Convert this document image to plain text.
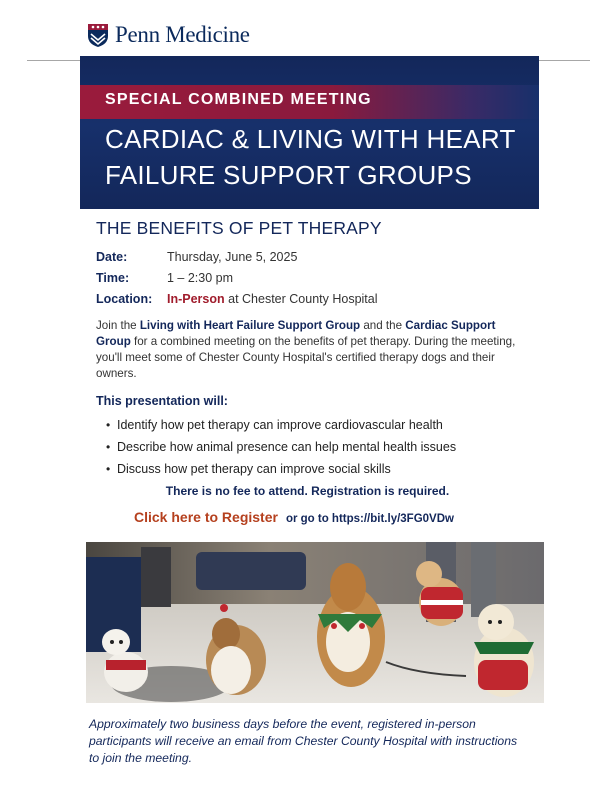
Penn Medicine
SPECIAL COMBINED MEETING
CARDIAC & LIVING WITH HEART
FAILURE SUPPORT GROUPS
THE BENEFITS OF PET THERAPY
Date:	Thursday, June 5, 2025
Time:	1 – 2:30 pm
Location:	In-Person at Chester County Hospital
Join the Living with Heart Failure Support Group and the Cardiac Support Group for a combined meeting on the benefits of pet therapy. During the meeting, you'll meet some of Chester County Hospital's certified therapy dogs and their owners.
This presentation will:
• Identify how pet therapy can improve cardiovascular health
• Describe how animal presence can help mental health issues
• Discuss how pet therapy can improve social skills
There is no fee to attend. Registration is required.
Click here to Register or go to https://bit.ly/3FG0VDw
Approximately two business days before the event, registered in-person participants will receive an email from Chester County Hospital with instructions to join the meeting.
